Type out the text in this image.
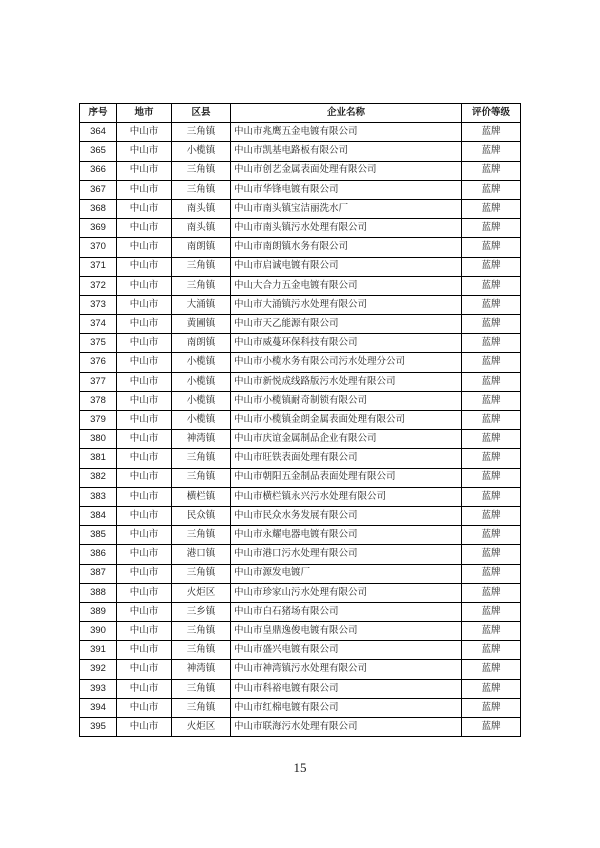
序号	地市	区县	企业名称	评价等级
364	中山市	三角镇	中山市兆鹰五金电镀有限公司	蓝牌
365	中山市	小榄镇	中山市凯基电路板有限公司	蓝牌
366	中山市	三角镇	中山市创艺金属表面处理有限公司	蓝牌
367	中山市	三角镇	中山市华锋电镀有限公司	蓝牌
368	中山市	南头镇	中山市南头镇宝洁丽洗水厂	蓝牌
369	中山市	南头镇	中山市南头镇污水处理有限公司	蓝牌
370	中山市	南朗镇	中山市南朗镇水务有限公司	蓝牌
371	中山市	三角镇	中山市启诚电镀有限公司	蓝牌
372	中山市	三角镇	中山大合力五金电镀有限公司	蓝牌
373	中山市	大涌镇	中山市大涌镇污水处理有限公司	蓝牌
374	中山市	黄圃镇	中山市天乙能源有限公司	蓝牌
375	中山市	南朗镇	中山市威蔓环保科技有限公司	蓝牌
376	中山市	小榄镇	中山市小榄水务有限公司污水处理分公司	蓝牌
377	中山市	小榄镇	中山市新悦成线路版污水处理有限公司	蓝牌
378	中山市	小榄镇	中山市小榄镇耐奇制锁有限公司	蓝牌
379	中山市	小榄镇	中山市小榄镇金朗金属表面处理有限公司	蓝牌
380	中山市	神湾镇	中山市庆谊金属制品企业有限公司	蓝牌
381	中山市	三角镇	中山市旺铁表面处理有限公司	蓝牌
382	中山市	三角镇	中山市朝阳五金制品表面处理有限公司	蓝牌
383	中山市	横栏镇	中山市横栏镇永兴污水处理有限公司	蓝牌
384	中山市	民众镇	中山市民众水务发展有限公司	蓝牌
385	中山市	三角镇	中山市永耀电器电镀有限公司	蓝牌
386	中山市	港口镇	中山市港口污水处理有限公司	蓝牌
387	中山市	三角镇	中山市源发电镀厂	蓝牌
388	中山市	火炬区	中山市珍家山污水处理有限公司	蓝牌
389	中山市	三乡镇	中山市白石猪场有限公司	蓝牌
390	中山市	三角镇	中山市皇鼎逸俊电镀有限公司	蓝牌
391	中山市	三角镇	中山市盛兴电镀有限公司	蓝牌
392	中山市	神湾镇	中山市神湾镇污水处理有限公司	蓝牌
393	中山市	三角镇	中山市科裕电镀有限公司	蓝牌
394	中山市	三角镇	中山市红棉电镀有限公司	蓝牌
395	中山市	火炬区	中山市联海污水处理有限公司	蓝牌
15
